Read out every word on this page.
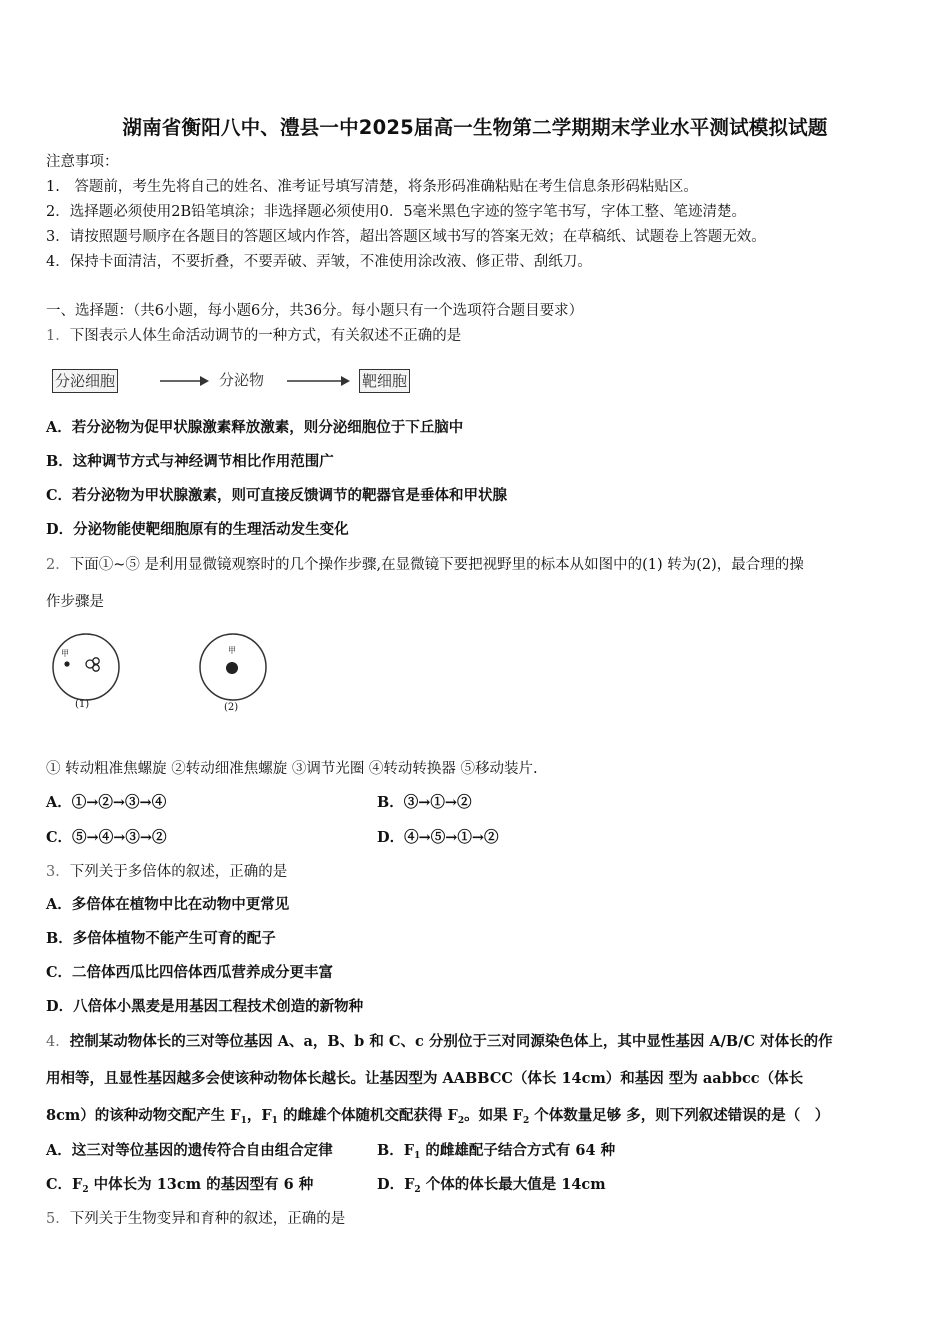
湖南省衡阳八中、澧县一中2025届高一生物第二学期期末学业水平测试模拟试题
注意事项：
1.　答题前，考生先将自己的姓名、准考证号填写清楚，将条形码准确粘贴在考生信息条形码粘贴区。
2．选择题必须使用2B铅笔填涂；非选择题必须使用0．5毫米黑色字迹的签字笔书写，字体工整、笔迹清楚。
3．请按照题号顺序在各题目的答题区域内作答，超出答题区域书写的答案无效；在草稿纸、试题卷上答题无效。
4．保持卡面清洁，不要折叠，不要弄破、弄皱，不准使用涂改液、修正带、刮纸刀。
一、选择题：（共6小题，每小题6分，共36分。每小题只有一个选项符合题目要求）
1．下图表示人体生命活动调节的一种方式，有关叙述不正确的是
分泌细胞	分泌物	靶细胞
A．若分泌物为促甲状腺激素释放激素，则分泌细胞位于下丘脑中
B．这种调节方式与神经调节相比作用范围广
C．若分泌物为甲状腺激素，则可直接反馈调节的靶器官是垂体和甲状腺
D．分泌物能使靶细胞原有的生理活动发生变化
2．下面①~⑤ 是利用显微镜观察时的几个操作步骤,在显微镜下要把视野里的标本从如图中的(1) 转为(2)，最合理的操
作步骤是
甲
(1)
甲
(2)
① 转动粗准焦螺旋 ②转动细准焦螺旋 ③调节光圈 ④转动转换器 ⑤移动装片.
A．①→②→③→④	B．③→①→②
C．⑤→④→③→②	D．④→⑤→①→②
3．下列关于多倍体的叙述，正确的是
A．多倍体在植物中比在动物中更常见
B．多倍体植物不能产生可育的配子
C．二倍体西瓜比四倍体西瓜营养成分更丰富
D．八倍体小黑麦是用基因工程技术创造的新物种
4．控制某动物体长的三对等位基因 A、a，B、b 和 C、c 分别位于三对同源染色体上，其中显性基因 A/B/C 对体长的作
用相等，且显性基因越多会使该种动物体长越长。让基因型为 AABBCC（体长 14cm）和基因 型为 aabbcc（体长
8cm）的该种动物交配产生 $F_1$，$F_1$ 的雌雄个体随机交配获得 $F_2$。如果 $F_2$ 个体数量足够 多，则下列叙述错误的是（　）
A．这三对等位基因的遗传符合自由组合定律	B．$F_1$ 的雌雄配子结合方式有 64 种
C．$F_2$ 中体长为 13cm 的基因型有 6 种	D．$F_2$ 个体的体长最大值是 14cm
5．下列关于生物变异和育种的叙述，正确的是
